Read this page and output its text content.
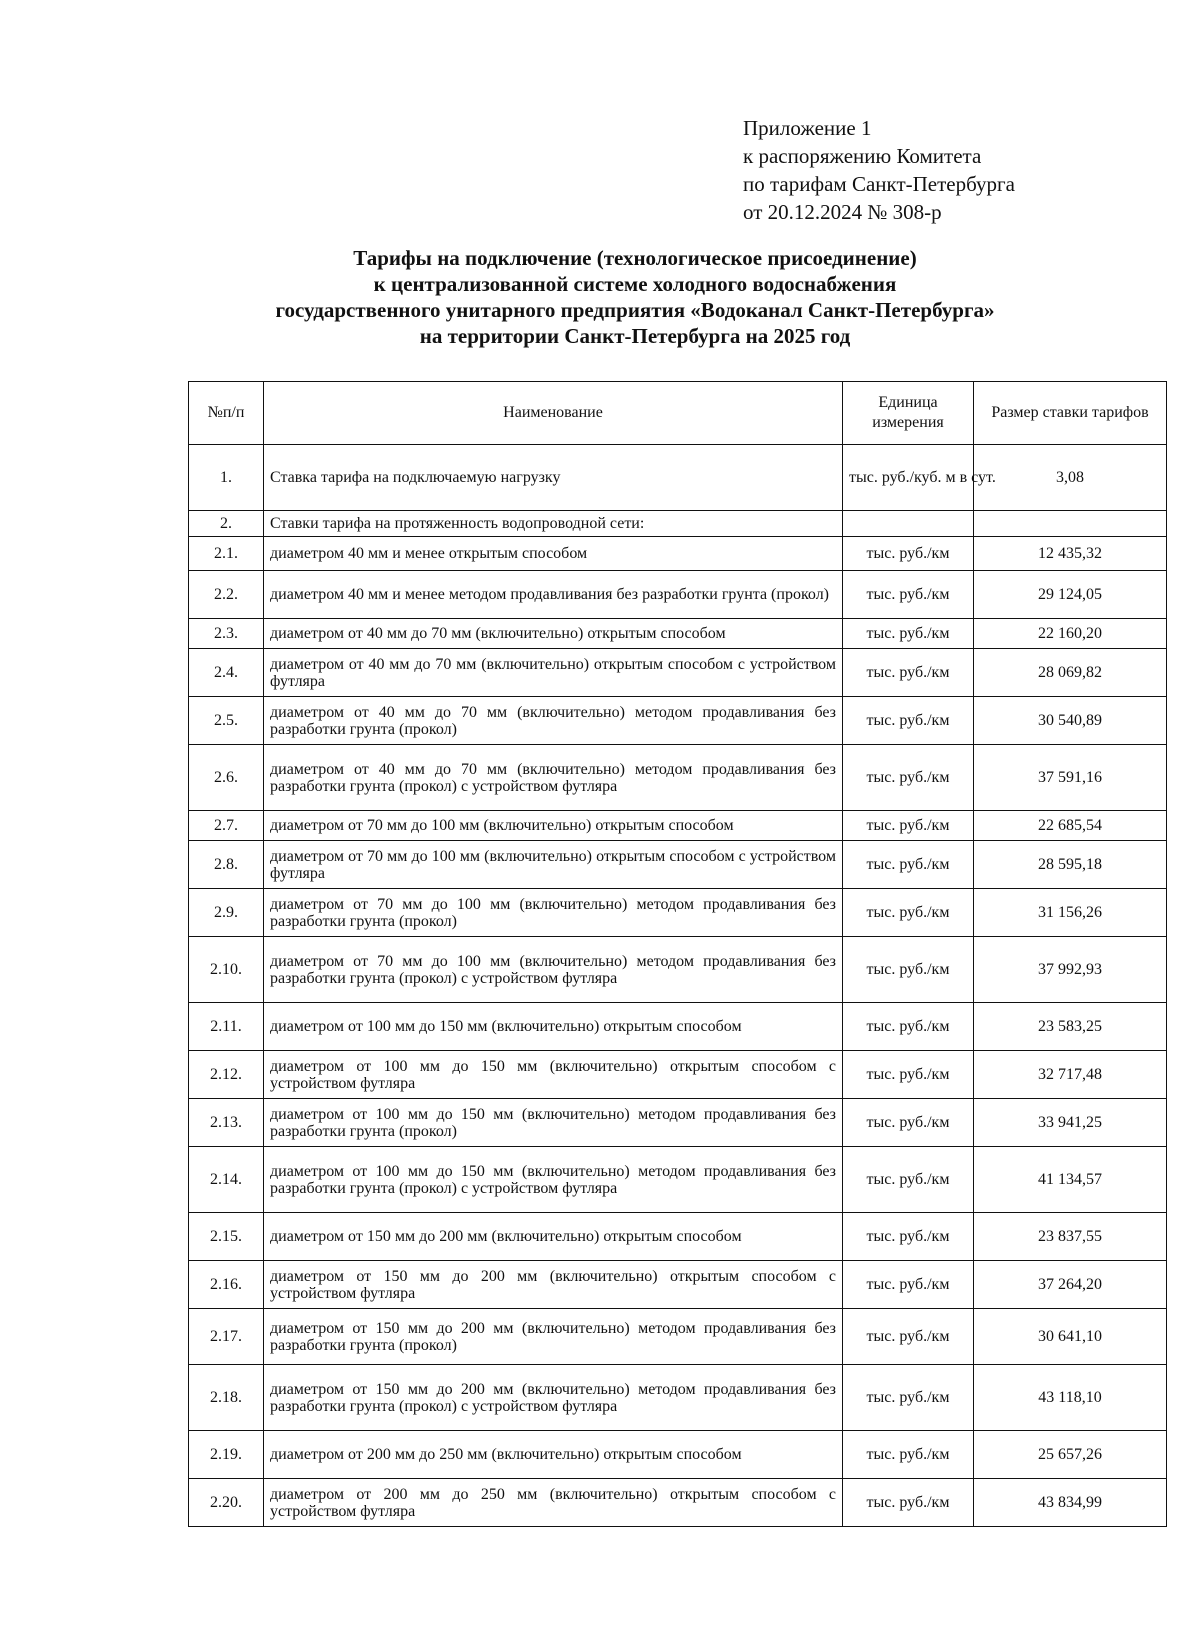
Приложение 1
к распоряжению Комитета
по тарифам Санкт-Петербурга
от 20.12.2024 № 308-р
Тарифы на подключение (технологическое присоединение)
к централизованной системе холодного водоснабжения
государственного унитарного предприятия «Водоканал Санкт-Петербурга»
на территории Санкт-Петербурга на 2025 год
№п/п	Наименование	Единица измерения	Размер ставки тарифов
1.	Ставка тарифа на подключаемую нагрузку	тыс. руб./куб. м в сут.	3,08
2.	Ставки тарифа на протяженность водопроводной сети:		
2.1.	диаметром 40 мм и менее открытым способом	тыс. руб./км	12 435,32
2.2.	диаметром 40 мм и менее методом продавливания без разработки грунта (прокол)	тыс. руб./км	29 124,05
2.3.	диаметром от 40 мм до 70 мм (включительно) открытым способом	тыс. руб./км	22 160,20
2.4.	диаметром от 40 мм до 70 мм (включительно) открытым способом с устройством футляра	тыс. руб./км	28 069,82
2.5.	диаметром от 40 мм до 70 мм (включительно) методом продавливания без разработки грунта (прокол)	тыс. руб./км	30 540,89
2.6.	диаметром от 40 мм до 70 мм (включительно) методом продавливания без разработки грунта (прокол) с устройством футляра	тыс. руб./км	37 591,16
2.7.	диаметром от 70 мм до 100 мм (включительно) открытым способом	тыс. руб./км	22 685,54
2.8.	диаметром от 70 мм до 100 мм (включительно) открытым способом с устройством футляра	тыс. руб./км	28 595,18
2.9.	диаметром от 70 мм до 100 мм (включительно) методом продавливания без разработки грунта (прокол)	тыс. руб./км	31 156,26
2.10.	диаметром от 70 мм до 100 мм (включительно) методом продавливания без разработки грунта (прокол) с устройством футляра	тыс. руб./км	37 992,93
2.11.	диаметром от 100 мм до 150 мм (включительно) открытым способом	тыс. руб./км	23 583,25
2.12.	диаметром от 100 мм до 150 мм (включительно) открытым способом с устройством футляра	тыс. руб./км	32 717,48
2.13.	диаметром от 100 мм до 150 мм (включительно) методом продавливания без разработки грунта (прокол)	тыс. руб./км	33 941,25
2.14.	диаметром от 100 мм до 150 мм (включительно) методом продавливания без разработки грунта (прокол) с устройством футляра	тыс. руб./км	41 134,57
2.15.	диаметром от 150 мм до 200 мм (включительно) открытым способом	тыс. руб./км	23 837,55
2.16.	диаметром от 150 мм до 200 мм (включительно) открытым способом с устройством футляра	тыс. руб./км	37 264,20
2.17.	диаметром от 150 мм до 200 мм (включительно) методом продавливания без разработки грунта (прокол)	тыс. руб./км	30 641,10
2.18.	диаметром от 150 мм до 200 мм (включительно) методом продавливания без разработки грунта (прокол) с устройством футляра	тыс. руб./км	43 118,10
2.19.	диаметром от 200 мм до 250 мм (включительно) открытым способом	тыс. руб./км	25 657,26
2.20.	диаметром от 200 мм до 250 мм (включительно) открытым способом с устройством футляра	тыс. руб./км	43 834,99
